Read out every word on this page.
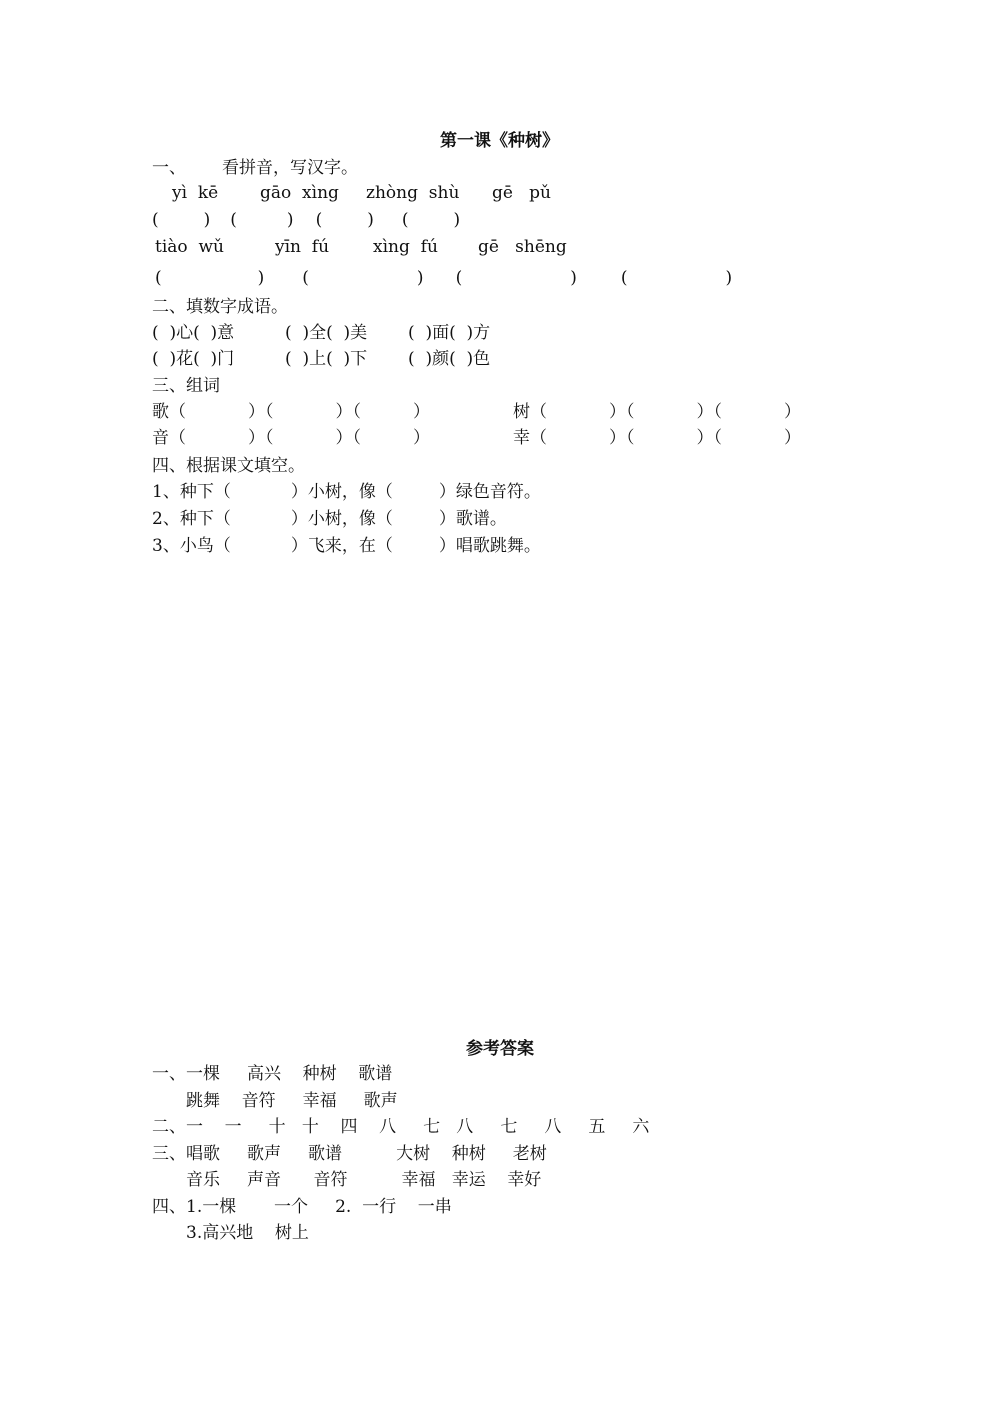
第一课《种树》
一、 看拼音，写汉字。
yì  kē gāo  xìng zhòng  shù gē   pǔ
(	) (	) (	) (	)
tiào  wǔ	yīn  fú	xìng  fú gē   shēng
(	) (	) (	)	(	)
二、填数字成语。
(  )心(  )意	(  )全(  )美 (  )面(  )方
(  )花(  )门	(  )上(  )下 (  )颜(  )色
三、组词
歌（	）（	）（	）	树（	）（	）（	）
音（	）（	）（	）	幸（	）（	）（	）
四、根据课文填空。
1、种下（	）小树，像（	）绿色音符。
2、种下（	）小树，像（	）歌谱。
3、小鸟（	）飞来，在（	）唱歌跳舞。
参考答案
一、一棵     高兴    种树    歌谱
跳舞    音符     幸福     歌声
二、一    一     十   十    四    八     七   八     七     八     五     六
三、唱歌     歌声     歌谱          大树    种树     老树
音乐     声音      音符          幸福   幸运    幸好
四、1.一棵       一个     2.  一行    一串
3.高兴地    树上
